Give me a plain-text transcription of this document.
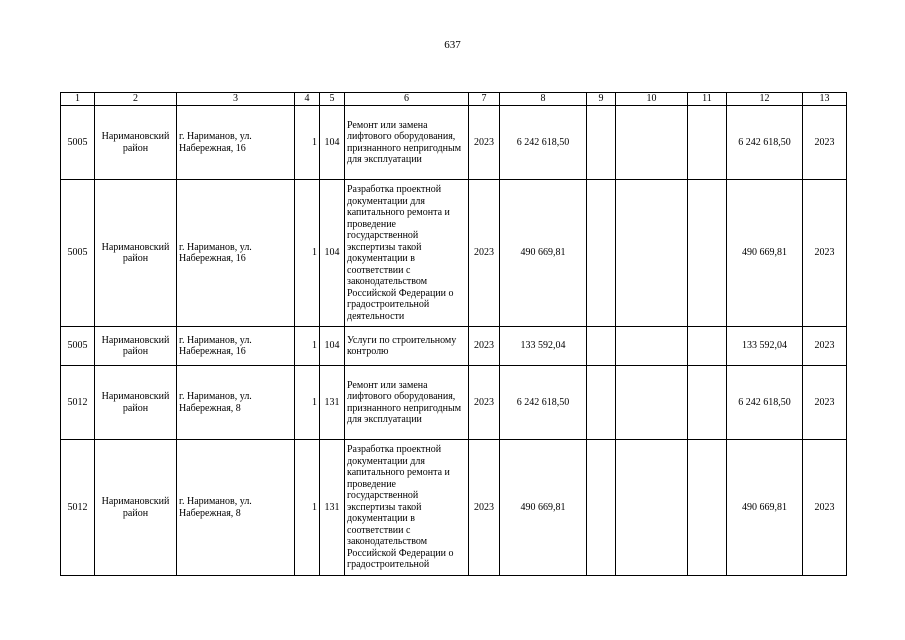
637
1	2	3	4	5	6	7	8	9	10	11	12	13
5005	Наримановский район	г. Нариманов, ул. Набережная, 16	1	104	Ремонт или замена лифтового оборудования, признанного непригодным для эксплуатации	2023	6 242 618,50				6 242 618,50	2023
5005	Наримановский район	г. Нариманов, ул. Набережная, 16	1	104	Разработка проектной документации для капитального ремонта и проведение государственной экспертизы такой документации в соответствии с законодательством Российской Федерации о градостроительной деятельности	2023	490 669,81				490 669,81	2023
5005	Наримановский район	г. Нариманов, ул. Набережная, 16	1	104	Услуги по строительному контролю	2023	133 592,04				133 592,04	2023
5012	Наримановский район	г. Нариманов, ул. Набережная, 8	1	131	Ремонт или замена лифтового оборудования, признанного непригодным для эксплуатации	2023	6 242 618,50				6 242 618,50	2023
5012	Наримановский район	г. Нариманов, ул. Набережная, 8	1	131	Разработка проектной документации для капитального ремонта и проведение государственной экспертизы такой документации в соответствии с законодательством Российской Федерации о градостроительной	2023	490 669,81				490 669,81	2023
